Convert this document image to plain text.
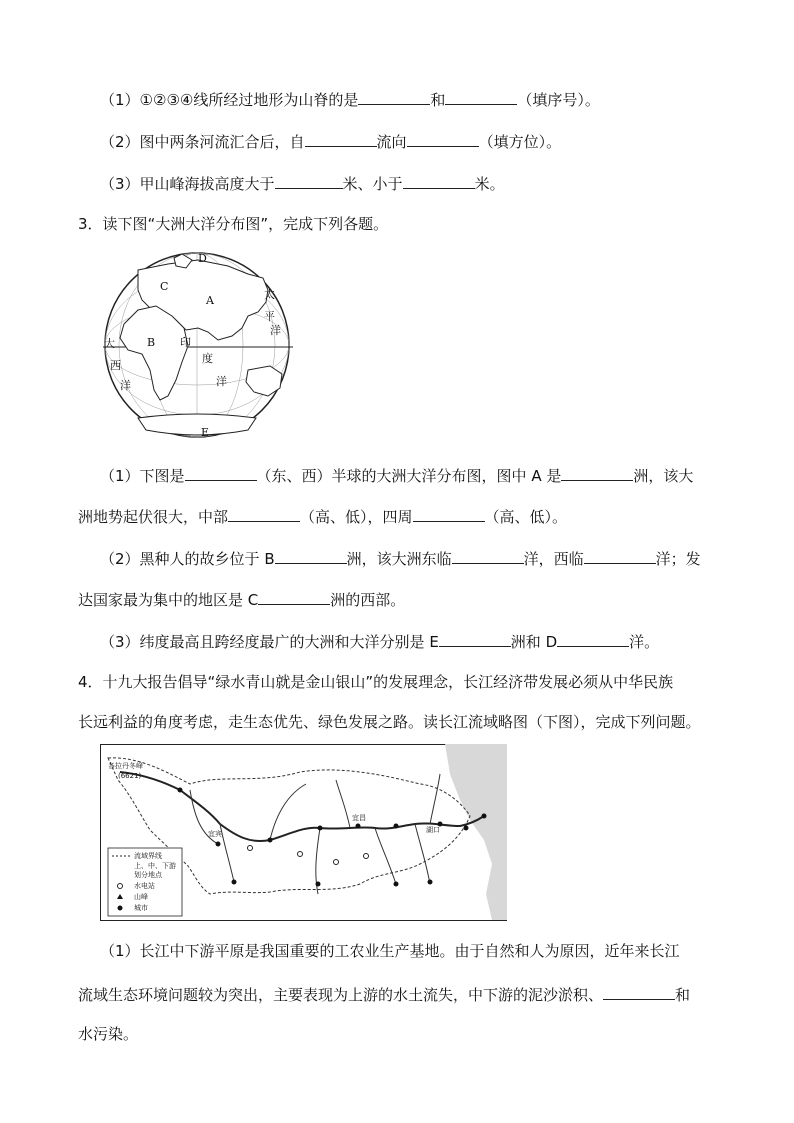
（1）①②③④线所经过地形为山脊的是	和	（填序号）。
（2）图中两条河流汇合后，自	流向	（填方位）。
（3）甲山峰海拔高度大于	米、小于	米。
3．读下图“大洲大洋分布图”，完成下列各题。
D
C
A
B
E
太
平
洋
大
西
洋
印
度
洋
（1）下图是	（东、西）半球的大洲大洋分布图，图中 A 是	洲，该大
洲地势起伏很大，中部	（高、低），四周	（高、低）。
（2）黑种人的故乡位于 B	洲，该大洲东临	洋，西临	洋；发
达国家最为集中的地区是 C	洲的西部。
（3）纬度最高且跨经度最广的大洲和大洋分别是 E	洲和 D	洋。
4．十九大报告倡导“绿水青山就是金山银山”的发展理念，长江经济带发展必须从中华民族
长远利益的角度考虑，走生态优先、绿色发展之路。读长江流域略图（下图），完成下列问题。
各拉丹冬峰
(6621)
宜昌
湖口
宜宾
流域界线
上、中、下游
划分地点
水电站
山峰
城市
（1）长江中下游平原是我国重要的工农业生产基地。由于自然和人为原因，近年来长江
流域生态环境问题较为突出，主要表现为上游的水土流失，中下游的泥沙淤积、	和
水污染。
